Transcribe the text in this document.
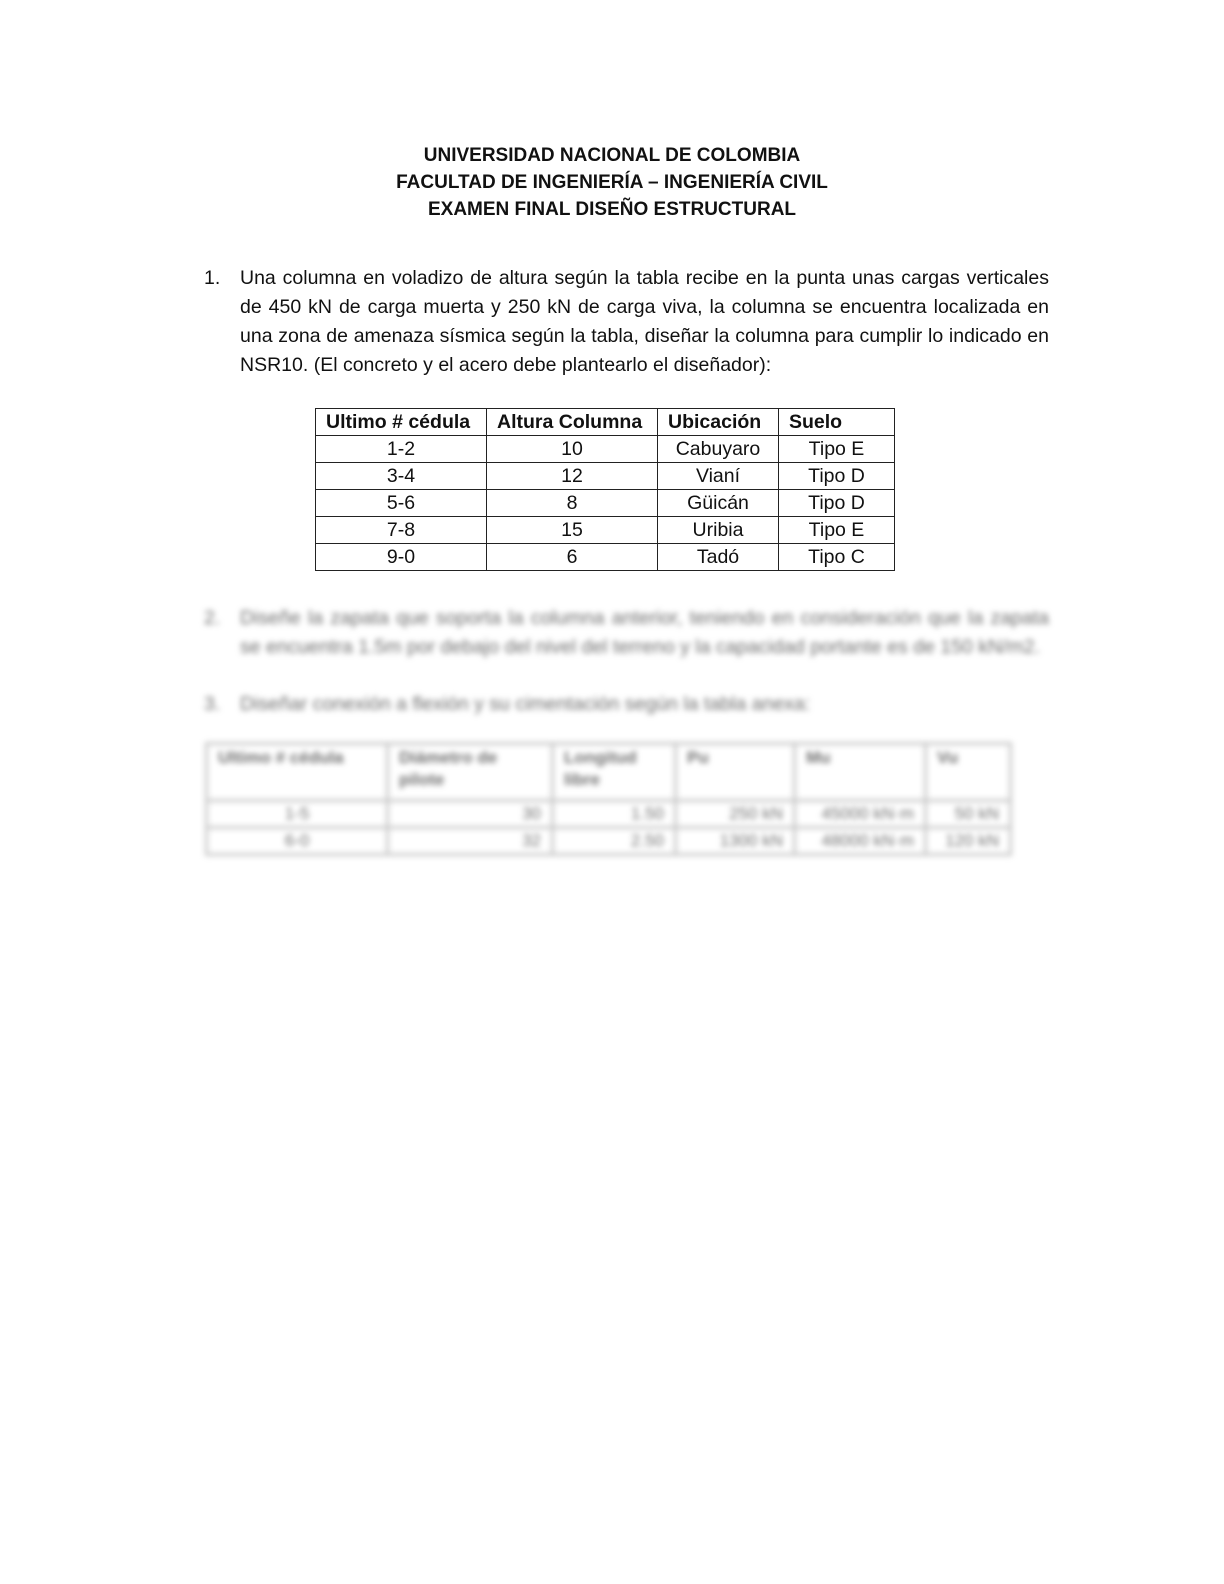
UNIVERSIDAD NACIONAL DE COLOMBIA
FACULTAD DE INGENIERÍA – INGENIERÍA CIVIL
EXAMEN FINAL DISEÑO ESTRUCTURAL
1. Una columna en voladizo de altura según la tabla recibe en la punta unas cargas verticales de 450 kN de carga muerta y 250 kN de carga viva, la columna se encuentra localizada en una zona de amenaza sísmica según la tabla, diseñar la columna para cumplir lo indicado en NSR10. (El concreto y el acero debe plantearlo el diseñador):
Ultimo # cédula	Altura Columna	Ubicación	Suelo
1-2	10	Cabuyaro	Tipo E
3-4	12	Vianí	Tipo D
5-6	8	Güicán	Tipo D
7-8	15	Uribia	Tipo E
9-0	6	Tadó	Tipo C
2. Diseñe la zapata que soporta la columna anterior, teniendo en consideración que la zapata se encuentra 1.5m por debajo del nivel del terreno y la capacidad portante es de 150 kN/m2.
3. Diseñar conexión a flexión y su cimentación según la tabla anexa:
Ultimo # cédula	Diámetro de pilote	Longitud libre	Pu	Mu	Vu
1-5	30	1.50	250 kN	45000 kN·m	50 kN
6-0	32	2.50	1300 kN	48000 kN·m	120 kN
